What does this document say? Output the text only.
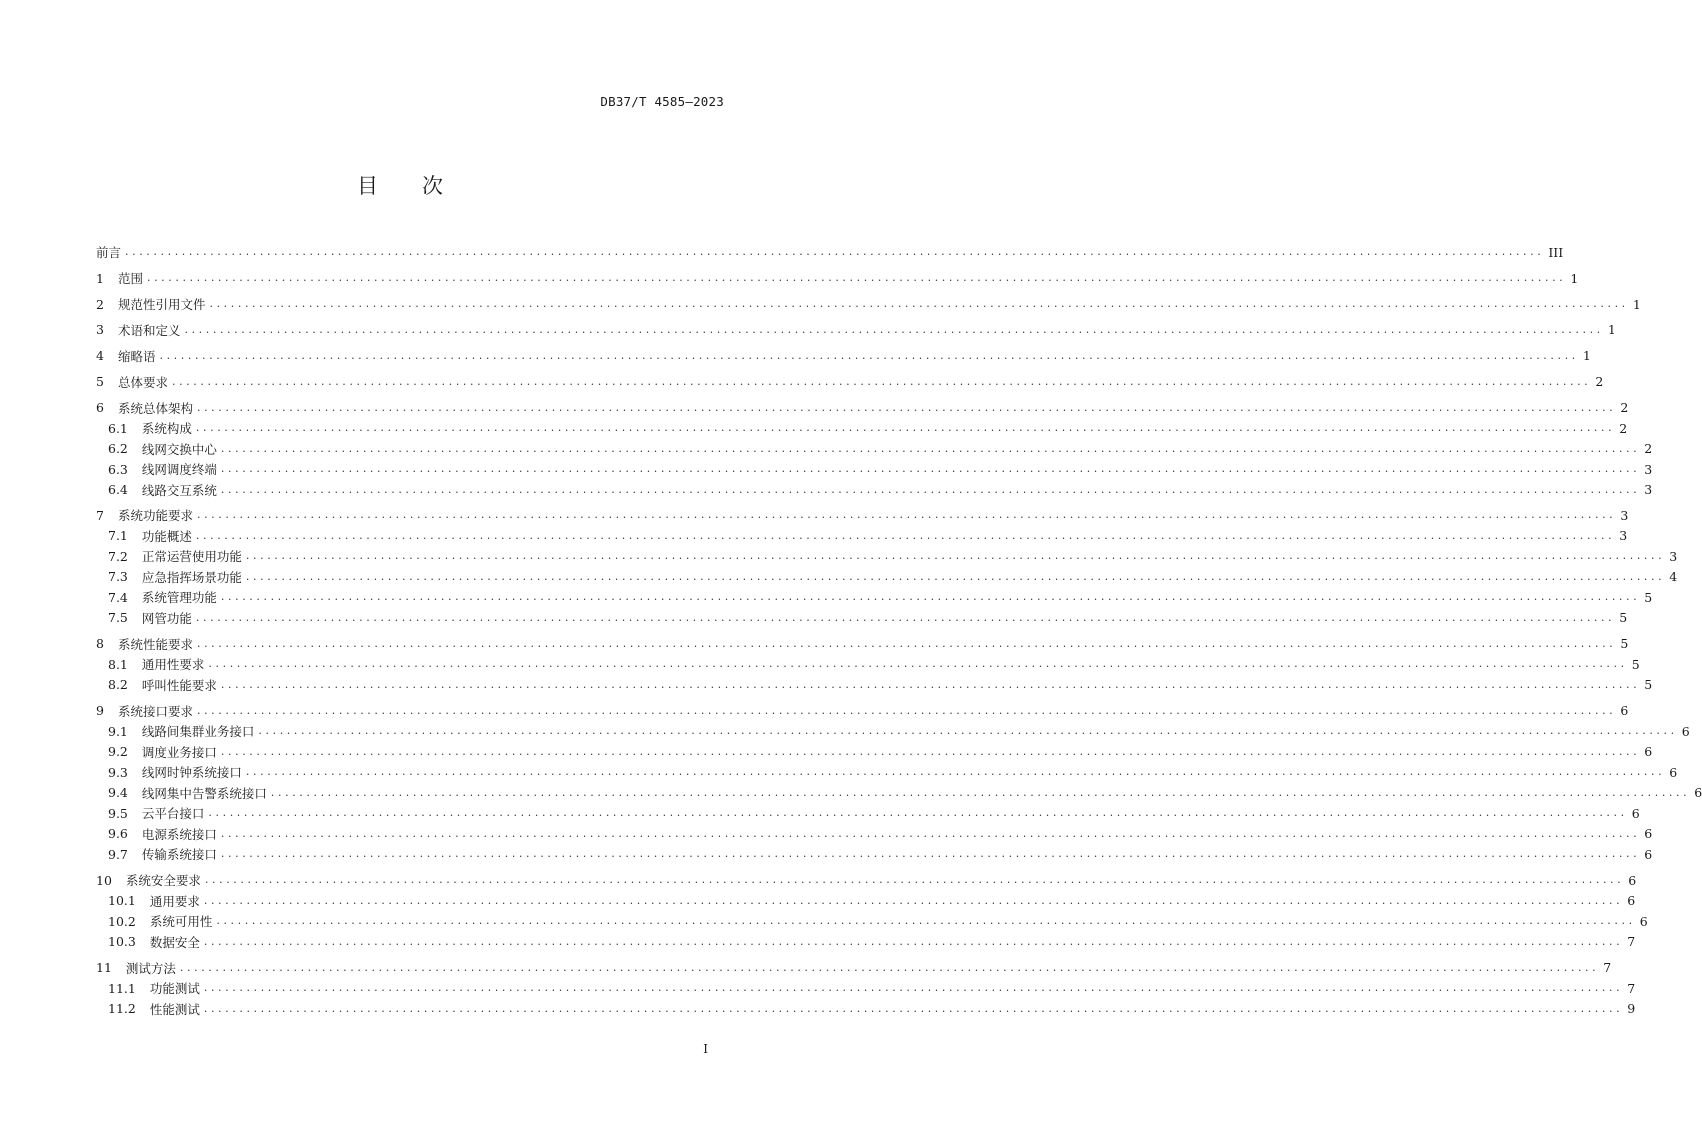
DB37/T 4585—2023
目 次
前言 ........................................................................................................................................................................................................ III
1 范围 ........................................................................................................................................................................................................ 1
2 规范性引用文件 ........................................................................................................................................................................................................ 1
3 术语和定义 ........................................................................................................................................................................................................ 1
4 缩略语 ........................................................................................................................................................................................................ 1
5 总体要求 ........................................................................................................................................................................................................ 2
6 系统总体架构 ........................................................................................................................................................................................................ 2
6.1 系统构成 ........................................................................................................................................................................................................ 2
6.2 线网交换中心 ........................................................................................................................................................................................................ 2
6.3 线网调度终端 ........................................................................................................................................................................................................ 3
6.4 线路交互系统 ........................................................................................................................................................................................................ 3
7 系统功能要求 ........................................................................................................................................................................................................ 3
7.1 功能概述 ........................................................................................................................................................................................................ 3
7.2 正常运营使用功能 ........................................................................................................................................................................................................ 3
7.3 应急指挥场景功能 ........................................................................................................................................................................................................ 4
7.4 系统管理功能 ........................................................................................................................................................................................................ 5
7.5 网管功能 ........................................................................................................................................................................................................ 5
8 系统性能要求 ........................................................................................................................................................................................................ 5
8.1 通用性要求 ........................................................................................................................................................................................................ 5
8.2 呼叫性能要求 ........................................................................................................................................................................................................ 5
9 系统接口要求 ........................................................................................................................................................................................................ 6
9.1 线路间集群业务接口 ........................................................................................................................................................................................................ 6
9.2 调度业务接口 ........................................................................................................................................................................................................ 6
9.3 线网时钟系统接口 ........................................................................................................................................................................................................ 6
9.4 线网集中告警系统接口 ........................................................................................................................................................................................................ 6
9.5 云平台接口 ........................................................................................................................................................................................................ 6
9.6 电源系统接口 ........................................................................................................................................................................................................ 6
9.7 传输系统接口 ........................................................................................................................................................................................................ 6
10 系统安全要求 ........................................................................................................................................................................................................ 6
10.1 通用要求 ........................................................................................................................................................................................................ 6
10.2 系统可用性 ........................................................................................................................................................................................................ 6
10.3 数据安全 ........................................................................................................................................................................................................ 7
11 测试方法 ........................................................................................................................................................................................................ 7
11.1 功能测试 ........................................................................................................................................................................................................ 7
11.2 性能测试 ........................................................................................................................................................................................................ 9
I
